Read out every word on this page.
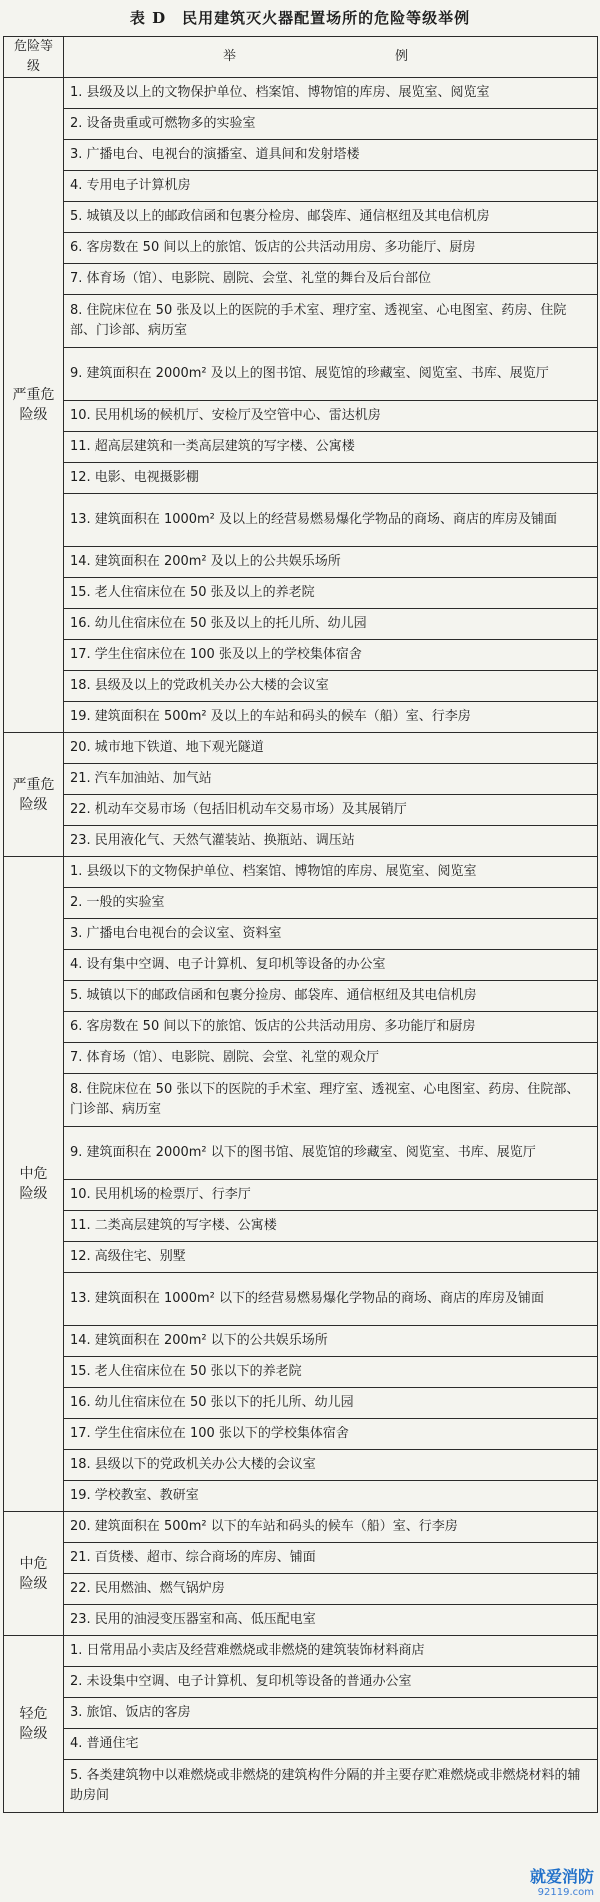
表 D　民用建筑灭火器配置场所的危险等级举例
危险等级	举　　　例
严重危
险级	1. 县级及以上的文物保护单位、档案馆、博物馆的库房、展览室、阅览室
	2. 设备贵重或可燃物多的实验室
	3. 广播电台、电视台的演播室、道具间和发射塔楼
	4. 专用电子计算机房
	5. 城镇及以上的邮政信函和包裹分检房、邮袋库、通信枢纽及其电信机房
	6. 客房数在 50 间以上的旅馆、饭店的公共活动用房、多功能厅、厨房
	7. 体育场（馆）、电影院、剧院、会堂、礼堂的舞台及后台部位
	8. 住院床位在 50 张及以上的医院的手术室、理疗室、透视室、心电图室、药房、住院部、门诊部、病历室
	9. 建筑面积在 2000m² 及以上的图书馆、展览馆的珍藏室、阅览室、书库、展览厅
	10. 民用机场的候机厅、安检厅及空管中心、雷达机房
	11. 超高层建筑和一类高层建筑的写字楼、公寓楼
	12. 电影、电视摄影棚
	13. 建筑面积在 1000m² 及以上的经营易燃易爆化学物品的商场、商店的库房及铺面
	14. 建筑面积在 200m² 及以上的公共娱乐场所
	15. 老人住宿床位在 50 张及以上的养老院
	16. 幼儿住宿床位在 50 张及以上的托儿所、幼儿园
	17. 学生住宿床位在 100 张及以上的学校集体宿舍
	18. 县级及以上的党政机关办公大楼的会议室
	19. 建筑面积在 500m² 及以上的车站和码头的候车（船）室、行李房
严重危
险级	20. 城市地下铁道、地下观光隧道
	21. 汽车加油站、加气站
	22. 机动车交易市场（包括旧机动车交易市场）及其展销厅
	23. 民用液化气、天然气灌装站、换瓶站、调压站
中危
险级	1. 县级以下的文物保护单位、档案馆、博物馆的库房、展览室、阅览室
	2. 一般的实验室
	3. 广播电台电视台的会议室、资料室
	4. 设有集中空调、电子计算机、复印机等设备的办公室
	5. 城镇以下的邮政信函和包裹分捡房、邮袋库、通信枢纽及其电信机房
	6. 客房数在 50 间以下的旅馆、饭店的公共活动用房、多功能厅和厨房
	7. 体育场（馆）、电影院、剧院、会堂、礼堂的观众厅
	8. 住院床位在 50 张以下的医院的手术室、理疗室、透视室、心电图室、药房、住院部、门诊部、病历室
	9. 建筑面积在 2000m² 以下的图书馆、展览馆的珍藏室、阅览室、书库、展览厅
	10. 民用机场的检票厅、行李厅
	11. 二类高层建筑的写字楼、公寓楼
	12. 高级住宅、别墅
	13. 建筑面积在 1000m² 以下的经营易燃易爆化学物品的商场、商店的库房及铺面
	14. 建筑面积在 200m² 以下的公共娱乐场所
	15. 老人住宿床位在 50 张以下的养老院
	16. 幼儿住宿床位在 50 张以下的托儿所、幼儿园
	17. 学生住宿床位在 100 张以下的学校集体宿舍
	18. 县级以下的党政机关办公大楼的会议室
	19. 学校教室、教研室
中危
险级	20. 建筑面积在 500m² 以下的车站和码头的候车（船）室、行李房
	21. 百货楼、超市、综合商场的库房、铺面
	22. 民用燃油、燃气锅炉房
	23. 民用的油浸变压器室和高、低压配电室
轻危
险级	1. 日常用品小卖店及经营难燃烧或非燃烧的建筑装饰材料商店
	2. 未设集中空调、电子计算机、复印机等设备的普通办公室
	3. 旅馆、饭店的客房
	4. 普通住宅
	5. 各类建筑物中以难燃烧或非燃烧的建筑构件分隔的并主要存贮难燃烧或非燃烧材料的辅助房间
就爱消防
92119.com
